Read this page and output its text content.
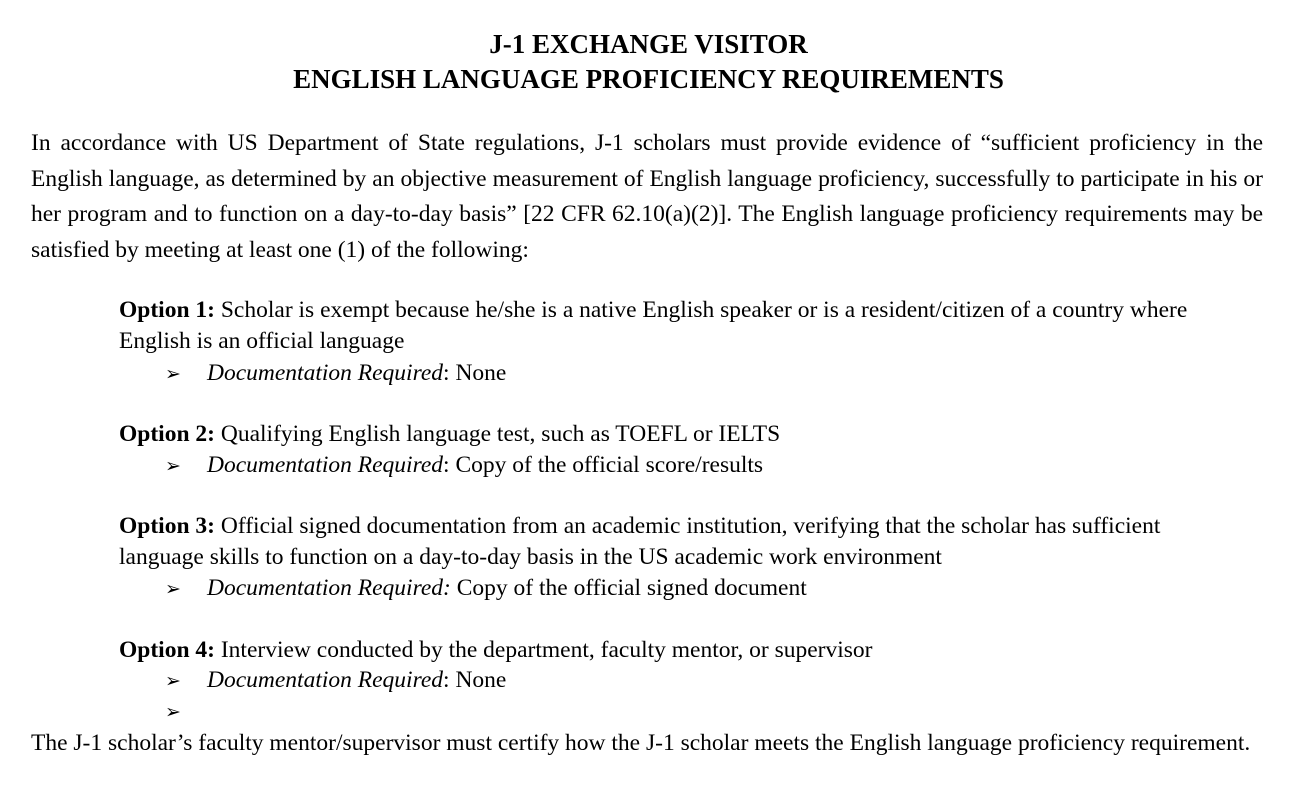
J-1 EXCHANGE VISITOR
ENGLISH LANGUAGE PROFICIENCY REQUIREMENTS

In accordance with US Department of State regulations, J-1 scholars must provide evidence of “sufficient proficiency in the English language, as determined by an objective measurement of English language proficiency, successfully to participate in his or her program and to function on a day-to-day basis” [22 CFR 62.10(a)(2)]. The English language proficiency requirements may be satisfied by meeting at least one (1) of the following:

Option 1: Scholar is exempt because he/she is a native English speaker or is a resident/citizen of a country where English is an official language

➢ Documentation Required: None

Option 2: Qualifying English language test, such as TOEFL or IELTS

➢ Documentation Required: Copy of the official score/results

Option 3: Official signed documentation from an academic institution, verifying that the scholar has sufficient language skills to function on a day-to-day basis in the US academic work environment

➢ Documentation Required: Copy of the official signed document

Option 4: Interview conducted by the department, faculty mentor, or supervisor

➢ Documentation Required: None
➢

The J-1 scholar’s faculty mentor/supervisor must certify how the J-1 scholar meets the English language proficiency requirement.
